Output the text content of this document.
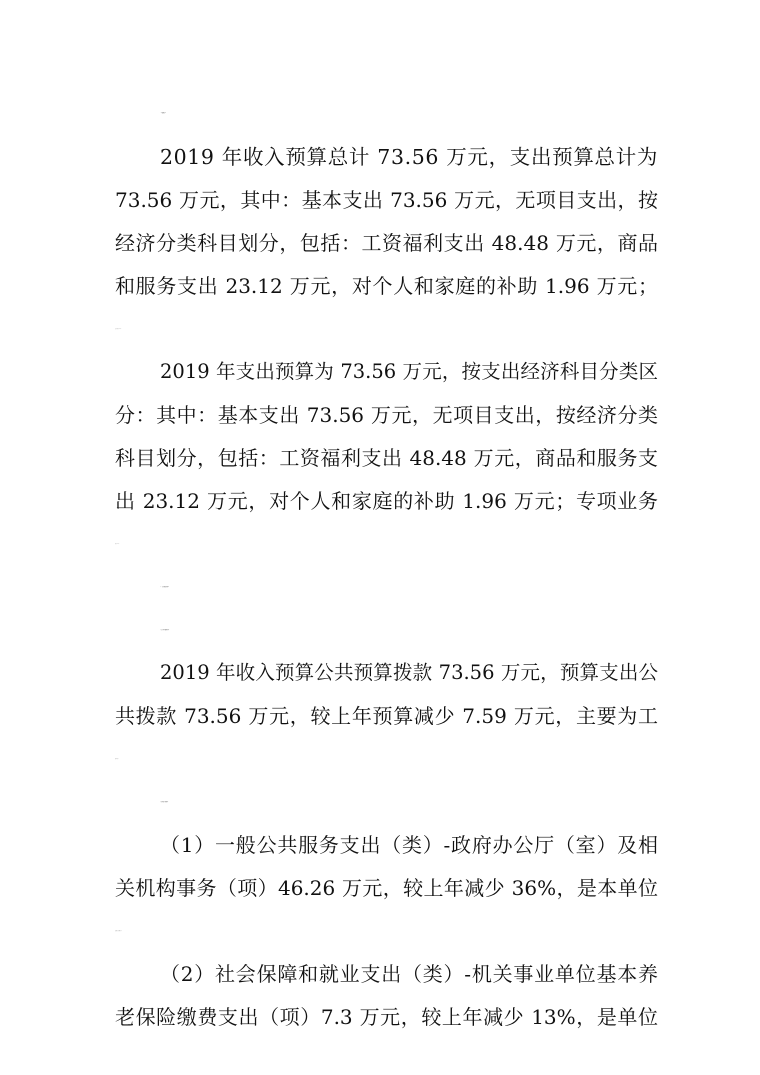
2019 年收入预算总计 73.56 万元，支出预算总计为
73.56 万元，其中：基本支出 73.56 万元，无项目支出，按
经济分类科目划分，包括：工资福利支出 48.48 万元，商品
和服务支出 23.12 万元，对个人和家庭的补助 1.96 万元；
2019 年支出预算为 73.56 万元，按支出经济科目分类区
分：其中：基本支出 73.56 万元，无项目支出，按经济分类
科目划分，包括：工资福利支出 48.48 万元，商品和服务支
出 23.12 万元，对个人和家庭的补助 1.96 万元；专项业务
2019 年收入预算公共预算拨款 73.56 万元，预算支出公
共拨款 73.56 万元，较上年预算减少 7.59 万元，主要为工
（1）一般公共服务支出（类）-政府办公厅（室）及相
关机构事务（项）46.26 万元，较上年减少 36%，是本单位
（2）社会保障和就业支出（类）-机关事业单位基本养
老保险缴费支出（项）7.3 万元，较上年减少 13%，是单位
